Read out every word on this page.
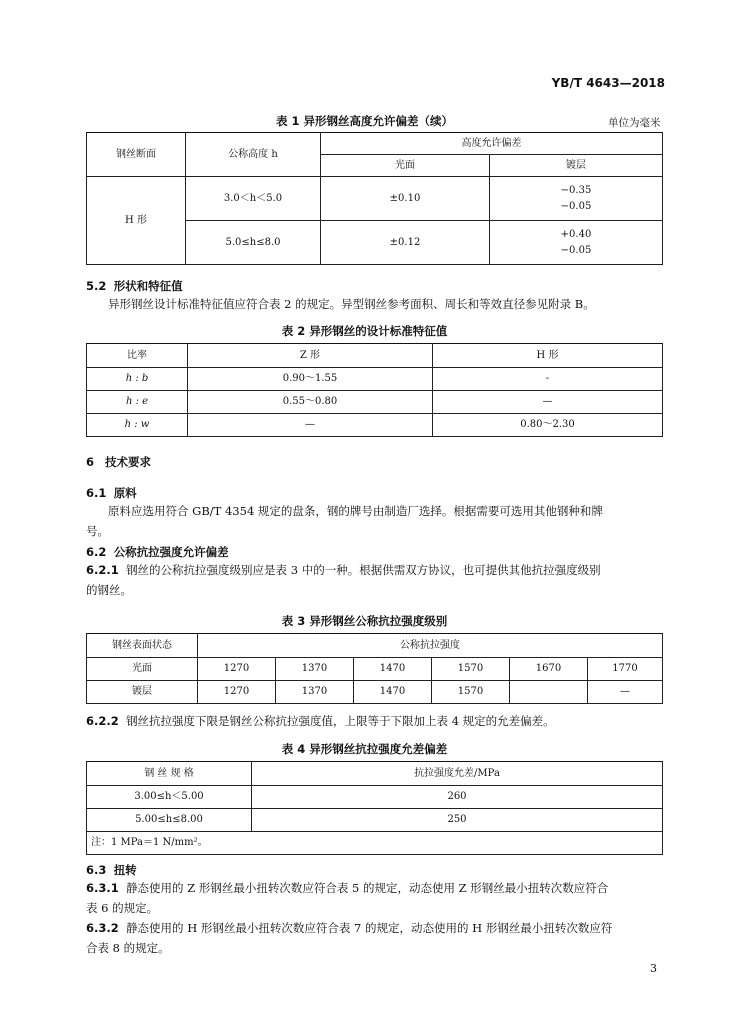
YB/T 4643—2018
表 1 异形钢丝高度允许偏差（续）	单位为毫米
钢丝断面	公称高度 h	高度允许偏差	
		光面	镀层
H 形	3.0＜h＜5.0	±0.10	−0.35
−0.05

	5.0≤h≤8.0	±0.12	+0.40
−0.05
5.2 形状和特征值
异形钢丝设计标准特征值应符合表 2 的规定。异型钢丝参考面积、周长和等效直径参见附录 B。
表 2 异形钢丝的设计标准特征值
比率	Z 形	H 形
h : b	0.90～1.55	-
h : e	0.55～0.80	—
h : w	—	0.80～2.30
6 技术要求
6.1 原料
原料应选用符合 GB/T 4354 规定的盘条，钢的牌号由制造厂选择。根据需要可选用其他钢种和牌
号。
6.2 公称抗拉强度允许偏差
6.2.1 钢丝的公称抗拉强度级别应是表 3 中的一种。根据供需双方协议，也可提供其他抗拉强度级别
的钢丝。
表 3 异形钢丝公称抗拉强度级别
钢丝表面状态	公称抗拉强度					
光面	1270	1370	1470	1570	1670	1770
镀层	1270	1370	1470	1570		—
6.2.2 钢丝抗拉强度下限是钢丝公称抗拉强度值，上限等于下限加上表 4 规定的允差偏差。
表 4 异形钢丝抗拉强度允差偏差
钢 丝 规 格	抗拉强度允差/MPa
3.00≤h＜5.00	260
5.00≤h≤8.00	250
注：1 MPa＝1 N/mm²。	
6.3 扭转
6.3.1 静态使用的 Z 形钢丝最小扭转次数应符合表 5 的规定，动态使用 Z 形钢丝最小扭转次数应符合
表 6 的规定。
6.3.2 静态使用的 H 形钢丝最小扭转次数应符合表 7 的规定，动态使用的 H 形钢丝最小扭转次数应符
合表 8 的规定。
3
